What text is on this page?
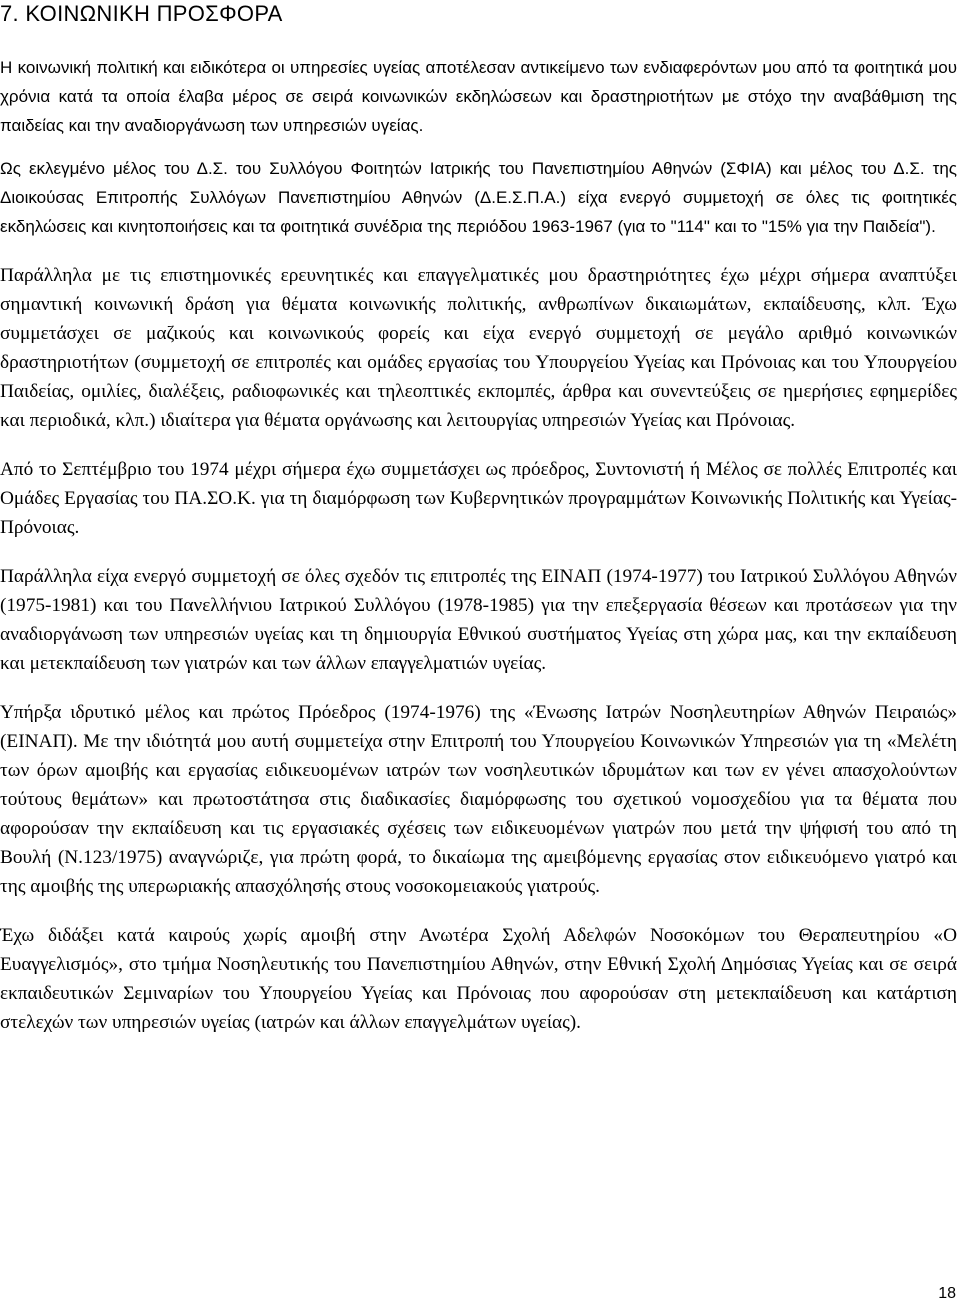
7. ΚΟΙΝΩΝΙΚΗ ΠΡΟΣΦΟΡΑ

Η κοινωνική πολιτική και ειδικότερα οι υπηρεσίες υγείας αποτέλεσαν αντικείμενο των ενδιαφερόντων μου από τα φοιτητικά μου χρόνια κατά τα οποία έλαβα μέρος σε σειρά κοινωνικών εκδηλώσεων και δραστηριοτήτων με στόχο την αναβάθμιση της παιδείας και την αναδιοργάνωση των υπηρεσιών υγείας.

Ως εκλεγμένο μέλος του Δ.Σ. του Συλλόγου Φοιτητών Ιατρικής του Πανεπιστημίου Αθηνών (ΣΦΙΑ) και μέλος του Δ.Σ. της Διοικούσας Επιτροπής Συλλόγων Πανεπιστημίου Αθηνών (Δ.Ε.Σ.Π.Α.) είχα ενεργό συμμετοχή σε όλες τις φοιτητικές εκδηλώσεις και κινητοποιήσεις και τα φοιτητικά συνέδρια της περιόδου 1963-1967 (για το "114" και το "15% για την Παιδεία").

Παράλληλα με τις επιστημονικές ερευνητικές και επαγγελματικές μου δραστηριότητες έχω μέχρι σήμερα αναπτύξει σημαντική κοινωνική δράση για θέματα κοινωνικής πολιτικής, ανθρωπίνων δικαιωμάτων, εκπαίδευσης, κλπ. Έχω συμμετάσχει σε μαζικούς και κοινωνικούς φορείς και είχα ενεργό συμμετοχή σε μεγάλο αριθμό κοινωνικών δραστηριοτήτων (συμμετοχή σε επιτροπές και ομάδες εργασίας του Υπουργείου Υγείας και Πρόνοιας και του Υπουργείου Παιδείας, ομιλίες, διαλέξεις, ραδιοφωνικές και τηλεοπτικές εκπομπές, άρθρα και συνεντεύξεις σε ημερήσιες εφημερίδες και περιοδικά, κλπ.) ιδιαίτερα για θέματα οργάνωσης και λειτουργίας υπηρεσιών Υγείας και Πρόνοιας.

Από το Σεπτέμβριο του 1974 μέχρι σήμερα έχω συμμετάσχει ως πρόεδρος, Συντονιστή ή Μέλος σε πολλές Επιτροπές και Ομάδες Εργασίας του ΠΑ.ΣΟ.Κ. για τη διαμόρφωση των Κυβερνητικών προγραμμάτων Κοινωνικής Πολιτικής και Υγείας- Πρόνοιας.

Παράλληλα είχα ενεργό συμμετοχή σε όλες σχεδόν τις επιτροπές της ΕΙΝΑΠ (1974-1977) του Ιατρικού Συλλόγου Αθηνών (1975-1981) και του Πανελλήνιου Ιατρικού Συλλόγου (1978-1985) για την επεξεργασία θέσεων και προτάσεων για την αναδιοργάνωση των υπηρεσιών υγείας και τη δημιουργία Εθνικού συστήματος Υγείας στη χώρα μας, και την εκπαίδευση και μετεκπαίδευση των γιατρών και των άλλων επαγγελματιών υγείας.

Υπήρξα ιδρυτικό μέλος και πρώτος Πρόεδρος (1974-1976) της «Ένωσης Ιατρών Νοσηλευτηρίων Αθηνών Πειραιώς» (ΕΙΝΑΠ). Με την ιδιότητά μου αυτή συμμετείχα στην Επιτροπή του Υπουργείου Κοινωνικών Υπηρεσιών για τη «Μελέτη των όρων αμοιβής και εργασίας ειδικευομένων ιατρών των νοσηλευτικών ιδρυμάτων και των εν γένει απασχολούντων τούτους θεμάτων» και πρωτοστάτησα στις διαδικασίες διαμόρφωσης του σχετικού νομοσχεδίου για τα θέματα που αφορούσαν την εκπαίδευση και τις εργασιακές σχέσεις των ειδικευομένων γιατρών που μετά την ψήφισή του από τη Βουλή (Ν.123/1975) αναγνώριζε, για πρώτη φορά, το δικαίωμα της αμειβόμενης εργασίας στον ειδικευόμενο γιατρό και της αμοιβής της υπερωριακής απασχόλησής στους νοσοκομειακούς γιατρούς.

Έχω διδάξει κατά καιρούς χωρίς αμοιβή στην Ανωτέρα Σχολή Αδελφών Νοσοκόμων του Θεραπευτηρίου «Ο Ευαγγελισμός», στο τμήμα Νοσηλευτικής του Πανεπιστημίου Αθηνών, στην Εθνική Σχολή Δημόσιας Υγείας και σε σειρά εκπαιδευτικών Σεμιναρίων του Υπουργείου Υγείας και Πρόνοιας που αφορούσαν στη μετεκπαίδευση και κατάρτιση στελεχών των υπηρεσιών υγείας (ιατρών και άλλων επαγγελμάτων υγείας).

18
